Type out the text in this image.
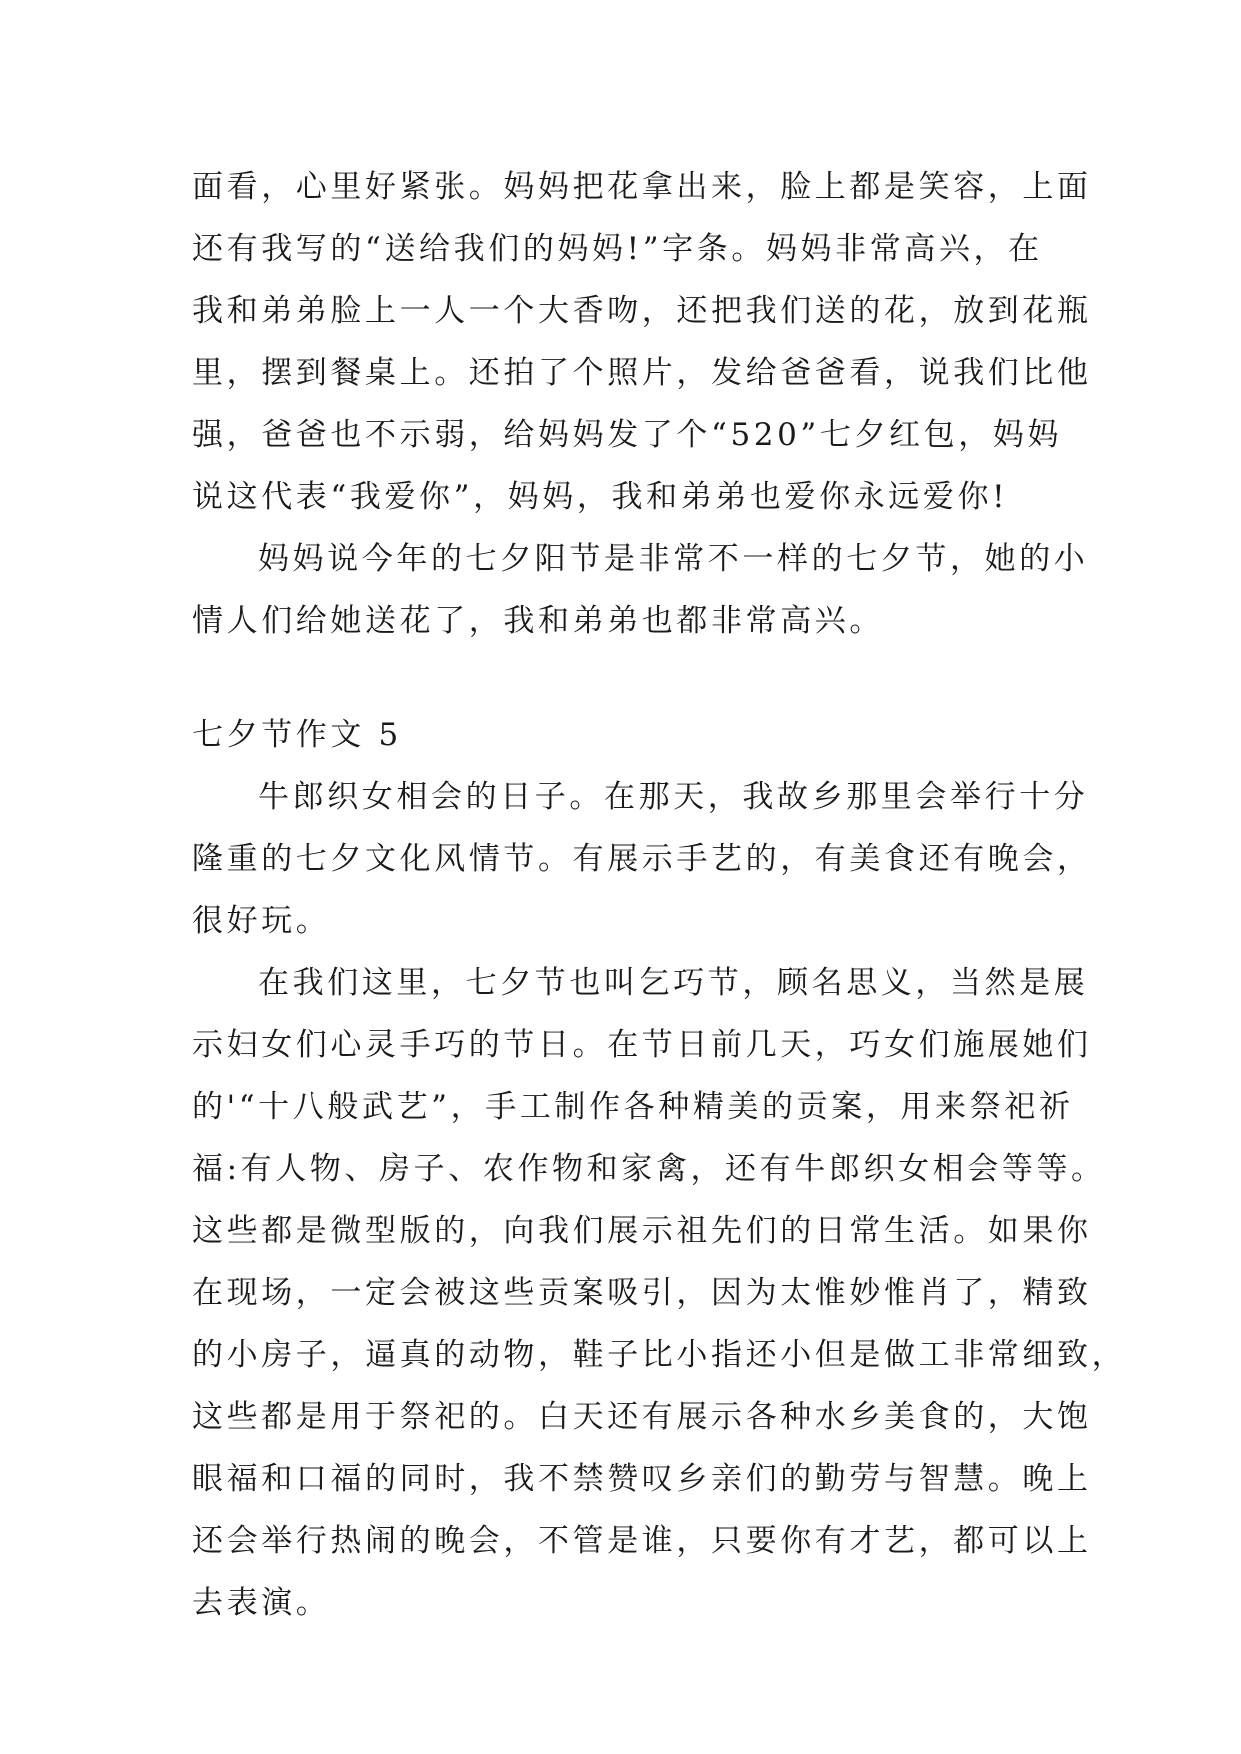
面看，心里好紧张。妈妈把花拿出来，脸上都是笑容，上面
还有我写的“送给我们的妈妈!”字条。妈妈非常高兴，在
我和弟弟脸上一人一个大香吻，还把我们送的花，放到花瓶
里，摆到餐桌上。还拍了个照片，发给爸爸看，说我们比他
强，爸爸也不示弱，给妈妈发了个“520”七夕红包，妈妈
说这代表“我爱你”，妈妈，我和弟弟也爱你永远爱你!
妈妈说今年的七夕阳节是非常不一样的七夕节，她的小
情人们给她送花了，我和弟弟也都非常高兴。
七夕节作文 5
牛郎织女相会的日子。在那天，我故乡那里会举行十分
隆重的七夕文化风情节。有展示手艺的，有美食还有晚会，
很好玩。
在我们这里，七夕节也叫乞巧节，顾名思义，当然是展
示妇女们心灵手巧的节日。在节日前几天，巧女们施展她们
的'“十八般武艺”，手工制作各种精美的贡案，用来祭祀祈
福:有人物、房子、农作物和家禽，还有牛郎织女相会等等。
这些都是微型版的，向我们展示祖先们的日常生活。如果你
在现场，一定会被这些贡案吸引，因为太惟妙惟肖了，精致
的小房子，逼真的动物，鞋子比小指还小但是做工非常细致，
这些都是用于祭祀的。白天还有展示各种水乡美食的，大饱
眼福和口福的同时，我不禁赞叹乡亲们的勤劳与智慧。晚上
还会举行热闹的晚会，不管是谁，只要你有才艺，都可以上
去表演。
